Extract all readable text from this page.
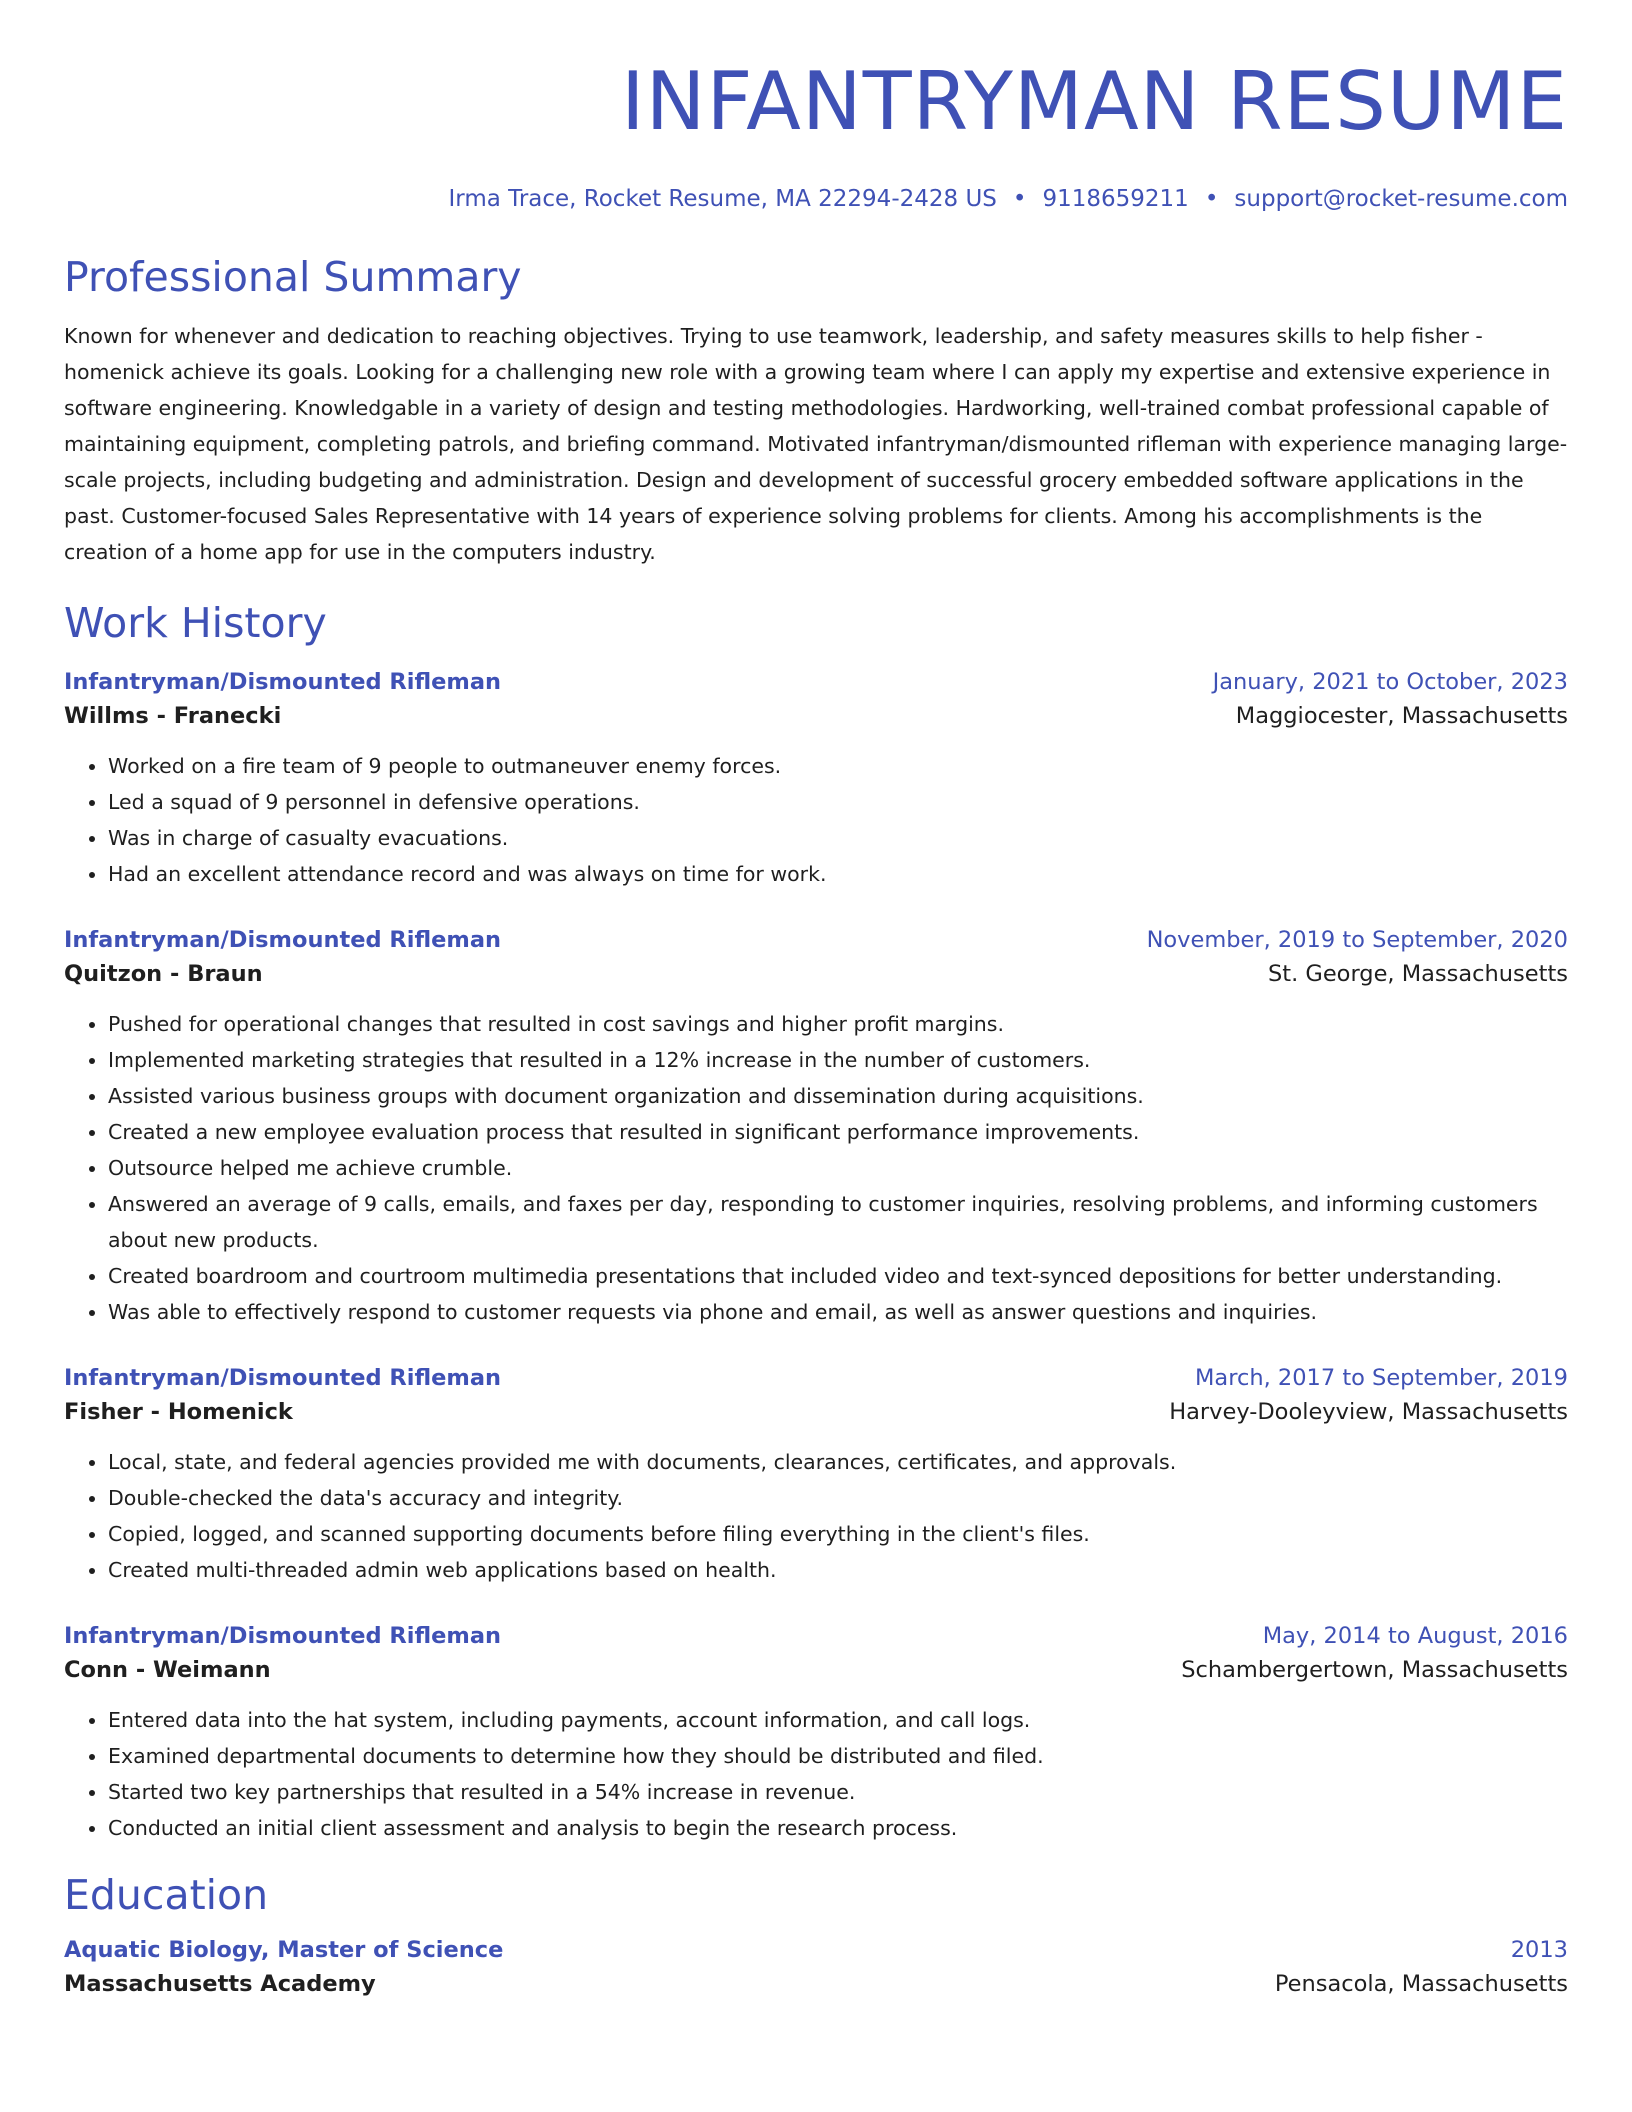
INFANTRYMAN RESUME
Irma Trace, Rocket Resume, MA 22294-2428 US • 9118659211 • support@rocket-resume.com
Professional Summary
Known for whenever and dedication to reaching objectives. Trying to use teamwork, leadership, and safety measures skills to help fisher - homenick achieve its goals. Looking for a challenging new role with a growing team where I can apply my expertise and extensive experience in software engineering. Knowledgable in a variety of design and testing methodologies. Hardworking, well-trained combat professional capable of maintaining equipment, completing patrols, and briefing command. Motivated infantryman/dismounted rifleman with experience managing large-scale projects, including budgeting and administration. Design and development of successful grocery embedded software applications in the past. Customer-focused Sales Representative with 14 years of experience solving problems for clients. Among his accomplishments is the creation of a home app for use in the computers industry.
Work History
Infantryman/Dismounted Rifleman	January, 2021 to October, 2023
Willms - Franecki	Maggiocester, Massachusetts
• Worked on a fire team of 9 people to outmaneuver enemy forces.
• Led a squad of 9 personnel in defensive operations.
• Was in charge of casualty evacuations.
• Had an excellent attendance record and was always on time for work.
Infantryman/Dismounted Rifleman	November, 2019 to September, 2020
Quitzon - Braun	St. George, Massachusetts
• Pushed for operational changes that resulted in cost savings and higher profit margins.
• Implemented marketing strategies that resulted in a 12% increase in the number of customers.
• Assisted various business groups with document organization and dissemination during acquisitions.
• Created a new employee evaluation process that resulted in significant performance improvements.
• Outsource helped me achieve crumble.
• Answered an average of 9 calls, emails, and faxes per day, responding to customer inquiries, resolving problems, and informing customers about new products.
• Created boardroom and courtroom multimedia presentations that included video and text-synced depositions for better understanding.
• Was able to effectively respond to customer requests via phone and email, as well as answer questions and inquiries.
Infantryman/Dismounted Rifleman	March, 2017 to September, 2019
Fisher - Homenick	Harvey-Dooleyview, Massachusetts
• Local, state, and federal agencies provided me with documents, clearances, certificates, and approvals.
• Double-checked the data's accuracy and integrity.
• Copied, logged, and scanned supporting documents before filing everything in the client's files.
• Created multi-threaded admin web applications based on health.
Infantryman/Dismounted Rifleman	May, 2014 to August, 2016
Conn - Weimann	Schambergertown, Massachusetts
• Entered data into the hat system, including payments, account information, and call logs.
• Examined departmental documents to determine how they should be distributed and filed.
• Started two key partnerships that resulted in a 54% increase in revenue.
• Conducted an initial client assessment and analysis to begin the research process.
Education
Aquatic Biology, Master of Science	2013
Massachusetts Academy	Pensacola, Massachusetts
